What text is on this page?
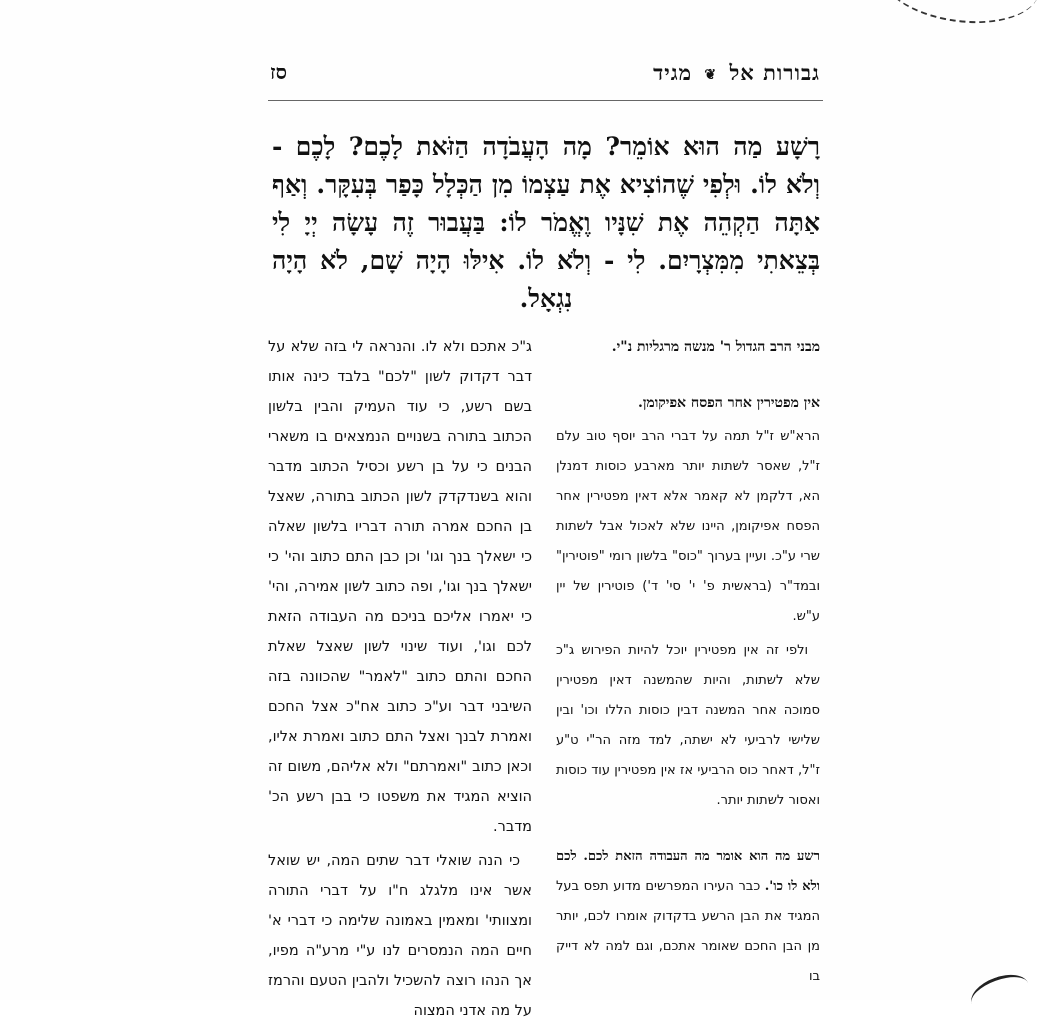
גבורות אל ❦ מגיד
סז
רָשָׁע מַה הוּא אוֹמֵר? מָה הָעֲבֹדָה הַזֹּאת לָכֶם? לָכֶם - וְלֹא לוֹ. וּלְפִי שֶׁהוֹצִיא אֶת עַצְמוֹ מִן הַכְּלָל כָּפַר בְּעִקָּר. וְאַף אַתָּה הַקְהֵה אֶת שִׁנָּיו וֶאֱמֹר לוֹ: בַּעֲבוּר זֶה עָשָׂה יְיָ לִי בְּצֵאתִי מִמִּצְרָיִם. לִי - וְלֹא לוֹ. אִילּוּ הָיָה שָׁם, לֹא הָיָה נִגְאָל.

מבני הרב הגדול ר' מנשה מרגליות נ"י.

אין מפטירין אחר הפסח אפיקומן.

הרא"ש ז"ל תמה על דברי הרב יוסף טוב עלם ז"ל, שאסר לשתות יותר מארבע כוסות דמנלן הא, דלקמן לא קאמר אלא דאין מפטירין אחר הפסח אפיקומן, היינו שלא לאכול אבל לשתות שרי ע"כ. ועיין בערוך "כוס" בלשון רומי "פוטירין" ובמד"ר (בראשית פ' י' סי' ד') פוטירין של יין ע"ש.

ולפי זה אין מפטירין יוכל להיות הפירוש ג"כ שלא לשתות, והיות שהמשנה דאין מפטירין סמוכה אחר המשנה דבין כוסות הללו וכו' ובין שלישי לרביעי לא ישתה, למד מזה הר"י ט"ע ז"ל, דאחר כוס הרביעי אז אין מפטירין עוד כוסות ואסור לשתות יותר.

רשע מה הוא אומר מה העבודה הזאת לכם. לכם ולא לו כו'. כבר העירו המפרשים מדוע תפס בעל המגיד את הבן הרשע בדקדוק אומרו לכם, יותר מן הבן החכם שאומר אתכם, וגם למה לא דייק בו

ג"כ אתכם ולא לו. והנראה לי בזה שלא על דבר דקדוק לשון "לכם" בלבד כינה אותו בשם רשע, כי עוד העמיק והבין בלשון הכתוב בתורה בשנויים הנמצאים בו משארי הבנים כי על בן רשע וכסיל הכתוב מדבר והוא בשנדקדק לשון הכתוב בתורה, שאצל בן החכם אמרה תורה דבריו בלשון שאלה כי ישאלך בנך וגו' וכן כבן התם כתוב והי' כי ישאלך בנך וגו', ופה כתוב לשון אמירה, והי' כי יאמרו אליכם בניכם מה העבודה הזאת לכם וגו', ועוד שינוי לשון שאצל שאלת החכם והתם כתוב "לאמר" שהכוונה בזה השיבני דבר וע"כ כתוב אח"כ אצל החכם ואמרת לבנך ואצל התם כתוב ואמרת אליו, וכאן כתוב "ואמרתם" ולא אליהם, משום זה הוציא המגיד את משפטו כי בבן רשע הכ' מדבר.

כי הנה שואלי דבר שתים המה, יש שואל אשר אינו מלגלג ח"ו על דברי התורה ומצוותי' ומאמין באמונה שלימה כי דברי א' חיים המה הנמסרים לנו ע"י מרע"ה מפיו, אך הנהו רוצה להשכיל ולהבין הטעם והרמז על מה אדני המצוה
